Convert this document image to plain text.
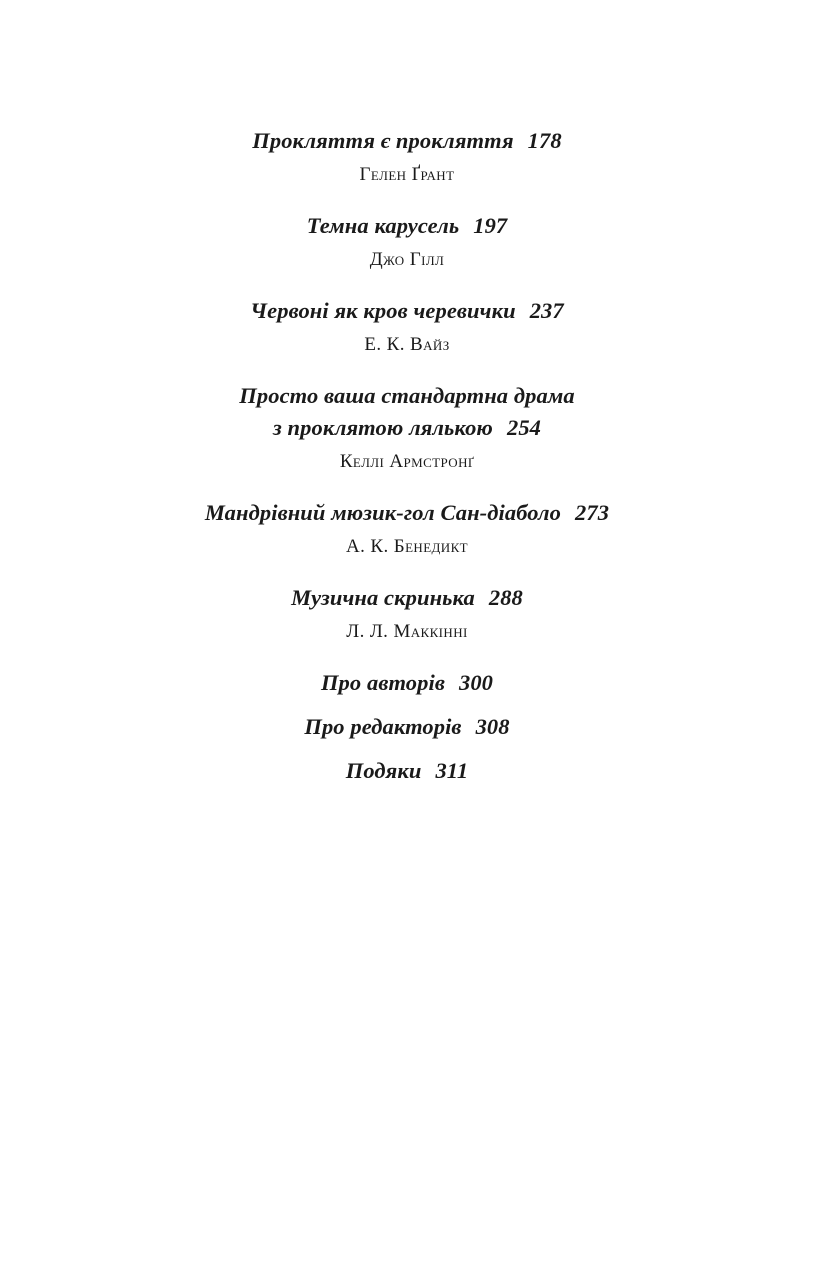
Прокляття є прокляття 178
Гелен Ґрант
Темна карусель 197
Джо Гілл
Червоні як кров черевички 237
Е. К. Вайз
Просто ваша стандартна драма
з проклятою лялькою 254
Келлі Армстронґ
Мандрівний мюзик-гол Сан-діаболо 273
А. К. Бенедикт
Музична скринька 288
Л. Л. Маккінні
Про авторів 300
Про редакторів 308
Подяки 311
